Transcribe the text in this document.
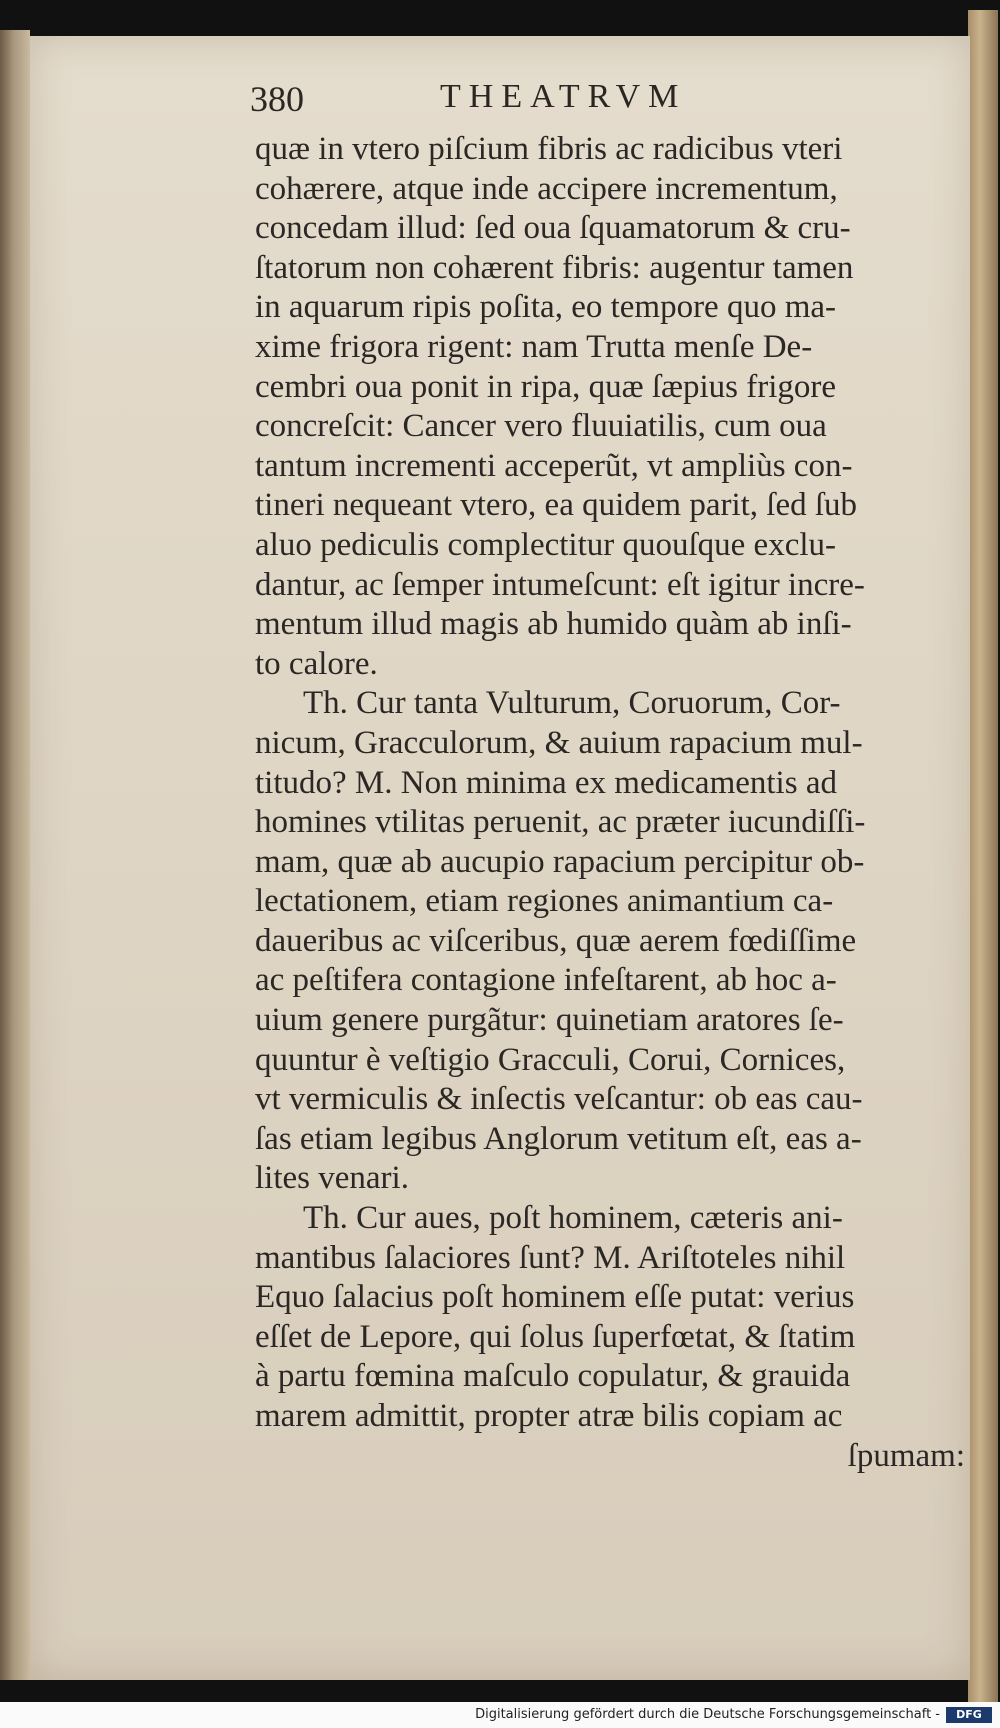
380	THEATRVM
quæ in vtero piſcium fibris ac radicibus vteri
cohærere, atque inde accipere incrementum,
concedam illud: ſed oua ſquamatorum & cru-
ſtatorum non cohærent fibris: augentur tamen
in aquarum ripis poſita, eo tempore quo ma-
xime frigora rigent: nam Trutta menſe De-
cembri oua ponit in ripa, quæ ſæpius frigore
concreſcit: Cancer vero fluuiatilis, cum oua
tantum incrementi acceperũt, vt ampliùs con-
tineri nequeant vtero, ea quidem parit, ſed ſub
aluo pediculis complectitur quouſque exclu-
dantur, ac ſemper intumeſcunt: eſt igitur incre-
mentum illud magis ab humido quàm ab inſi-
to calore.
Th. Cur tanta Vulturum, Coruorum, Cor-
nicum, Gracculorum, & auium rapacium mul-
titudo? M. Non minima ex medicamentis ad
homines vtilitas peruenit, ac præter iucundiſſi-
mam, quæ ab aucupio rapacium percipitur ob-
lectationem, etiam regiones animantium ca-
daueribus ac viſceribus, quæ aerem fœdiſſime
ac peſtifera contagione infeſtarent, ab hoc a-
uium genere purgãtur: quinetiam aratores ſe-
quuntur è veſtigio Gracculi, Corui, Cornices,
vt vermiculis & inſectis veſcantur: ob eas cau-
ſas etiam legibus Anglorum vetitum eſt, eas a-
lites venari.
Th. Cur aues, poſt hominem, cæteris ani-
mantibus ſalaciores ſunt? M. Ariſtoteles nihil
Equo ſalacius poſt hominem eſſe putat: verius
eſſet de Lepore, qui ſolus ſuperfœtat, & ſtatim
à partu fœmina maſculo copulatur, & grauida
marem admittit, propter atræ bilis copiam ac
ſpumam:
Digitalisierung gefördert durch die Deutsche Forschungsgemeinschaft -	DFG
